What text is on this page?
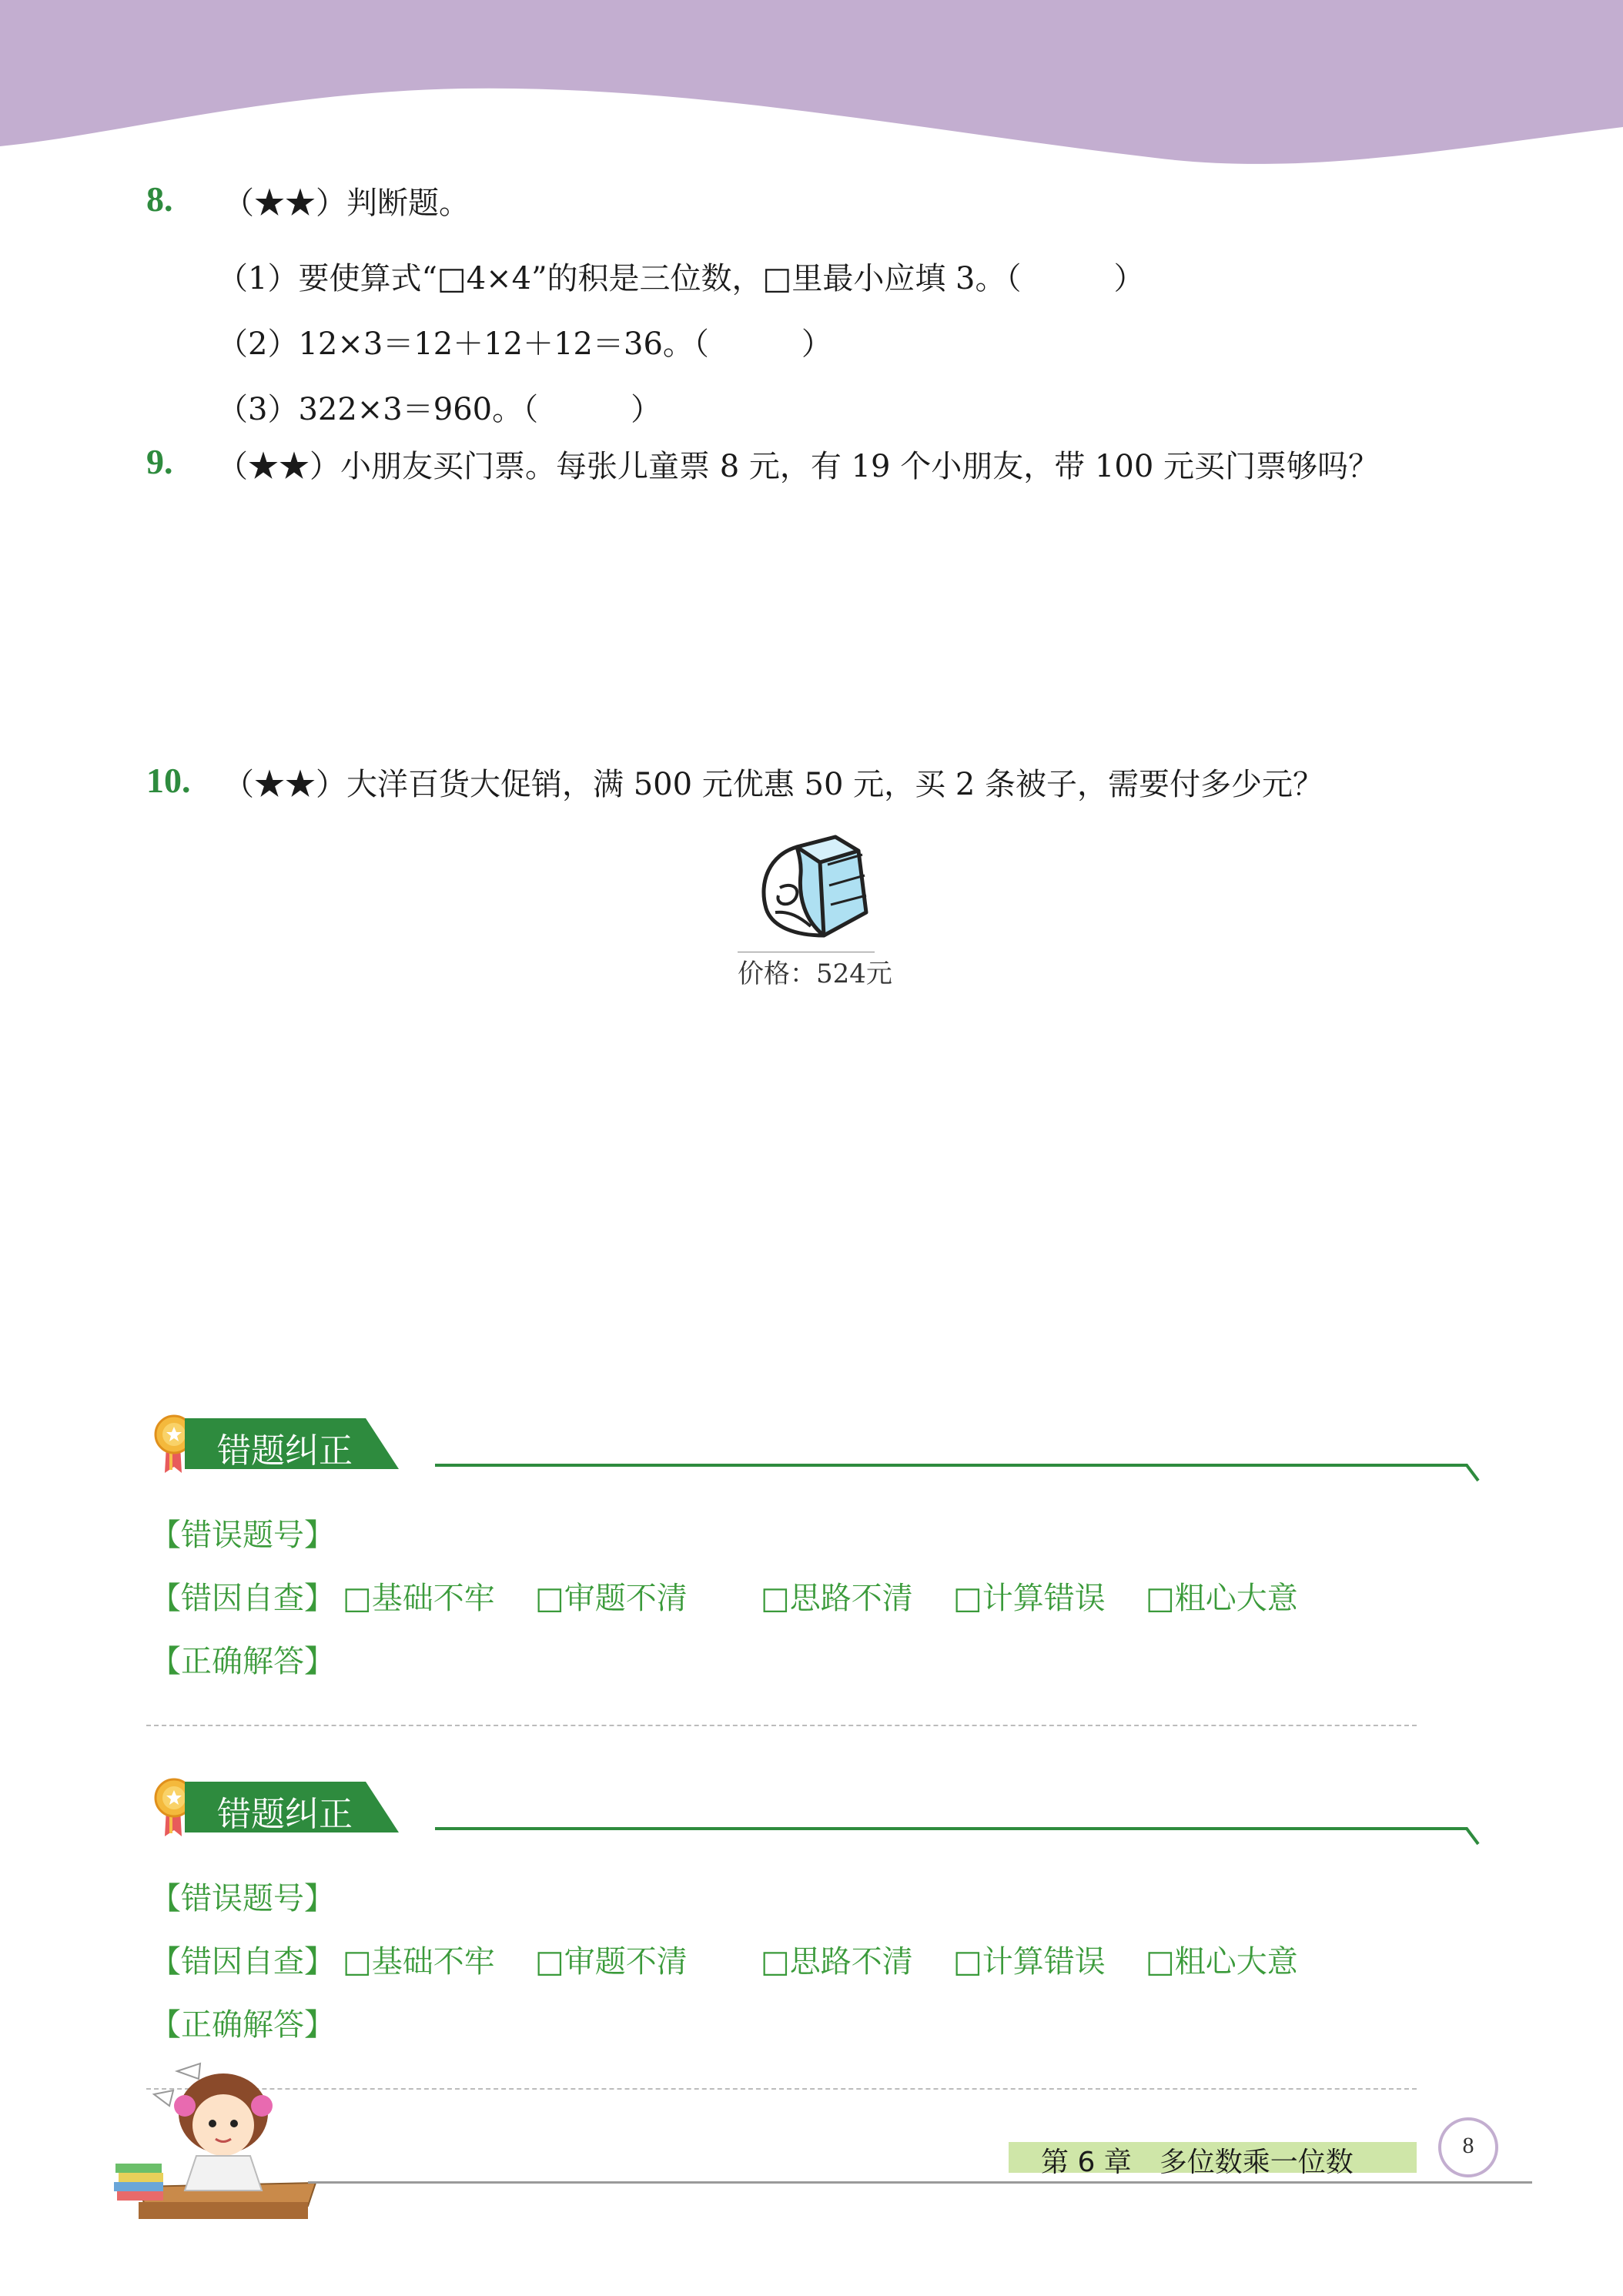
8. （★★）判断题。
（1）要使算式“□4×4”的积是三位数，□里最小应填 3。（　　　）
（2）12×3＝12＋12＋12＝36。（　　　）
（3）322×3＝960。（　　　）
9. （★★）小朋友买门票。每张儿童票 8 元，有 19 个小朋友，带 100 元买门票够吗？
10. （★★）大洋百货大促销，满 500 元优惠 50 元，买 2 条被子，需要付多少元？
价格：524元
错题纠正
【错误题号】
【错因自查】 □基础不牢 □审题不清 □思路不清 □计算错误 □粗心大意
【正确解答】
错题纠正
【错误题号】
【错因自查】 □基础不牢 □审题不清 □思路不清 □计算错误 □粗心大意
【正确解答】
第 6 章　多位数乘一位数
8
